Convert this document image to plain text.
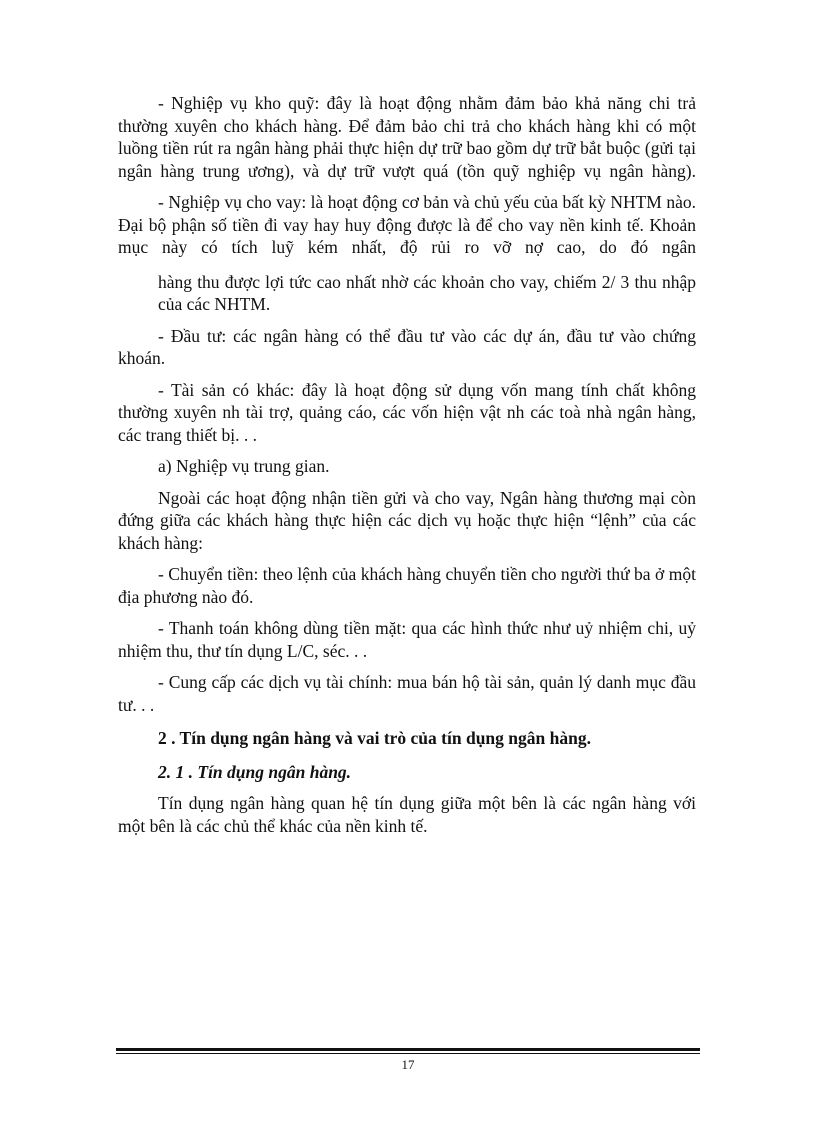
- Nghiệp vụ kho quỹ: đây là hoạt động nhằm đảm bảo khả năng chi trả thường xuyên cho khách hàng. Để đảm bảo chi trả cho khách hàng khi có một luồng tiền rút ra ngân hàng phải thực hiện dự trữ bao gồm dự trữ bắt buộc (gửi tại ngân hàng trung ương), và dự trữ vượt quá (tồn quỹ nghiệp vụ ngân hàng).

- Nghiệp vụ cho vay: là hoạt động cơ bản và chủ yếu của bất kỳ NHTM nào. Đại bộ phận số tiền đi vay hay huy động được là để cho vay nền kinh tế. Khoản mục này có tích luỹ kém nhất, độ rủi ro vỡ nợ cao, do đó ngân

hàng thu được lợi tức cao nhất nhờ các khoản cho vay, chiếm 2/ 3 thu nhập của các NHTM.

- Đầu tư: các ngân hàng có thể đầu tư vào các dự án, đầu tư vào chứng khoán.

- Tài sản có khác: đây là hoạt động sử dụng vốn mang tính chất không thường xuyên nh tài trợ, quảng cáo, các vốn hiện vật nh các toà nhà ngân hàng, các trang thiết bị. . .

a) Nghiệp vụ trung gian.

Ngoài các hoạt động nhận tiền gửi và cho vay, Ngân hàng thương mại còn đứng giữa các khách hàng thực hiện các dịch vụ hoặc thực hiện “lệnh” của các khách hàng:

- Chuyển tiền: theo lệnh của khách hàng chuyển tiền cho người thứ ba ở một địa phương nào đó.

- Thanh toán không dùng tiền mặt: qua các hình thức như uỷ nhiệm chi, uỷ nhiệm thu, thư tín dụng L/C, séc. . .

- Cung cấp các dịch vụ tài chính: mua bán hộ tài sản, quản lý danh mục đầu tư. . .

2 . Tín dụng ngân hàng và vai trò của tín dụng ngân hàng.

2. 1 . Tín dụng ngân hàng.

Tín dụng ngân hàng quan hệ tín dụng giữa một bên là các ngân hàng với một bên là các chủ thể khác của nền kinh tế.

17
